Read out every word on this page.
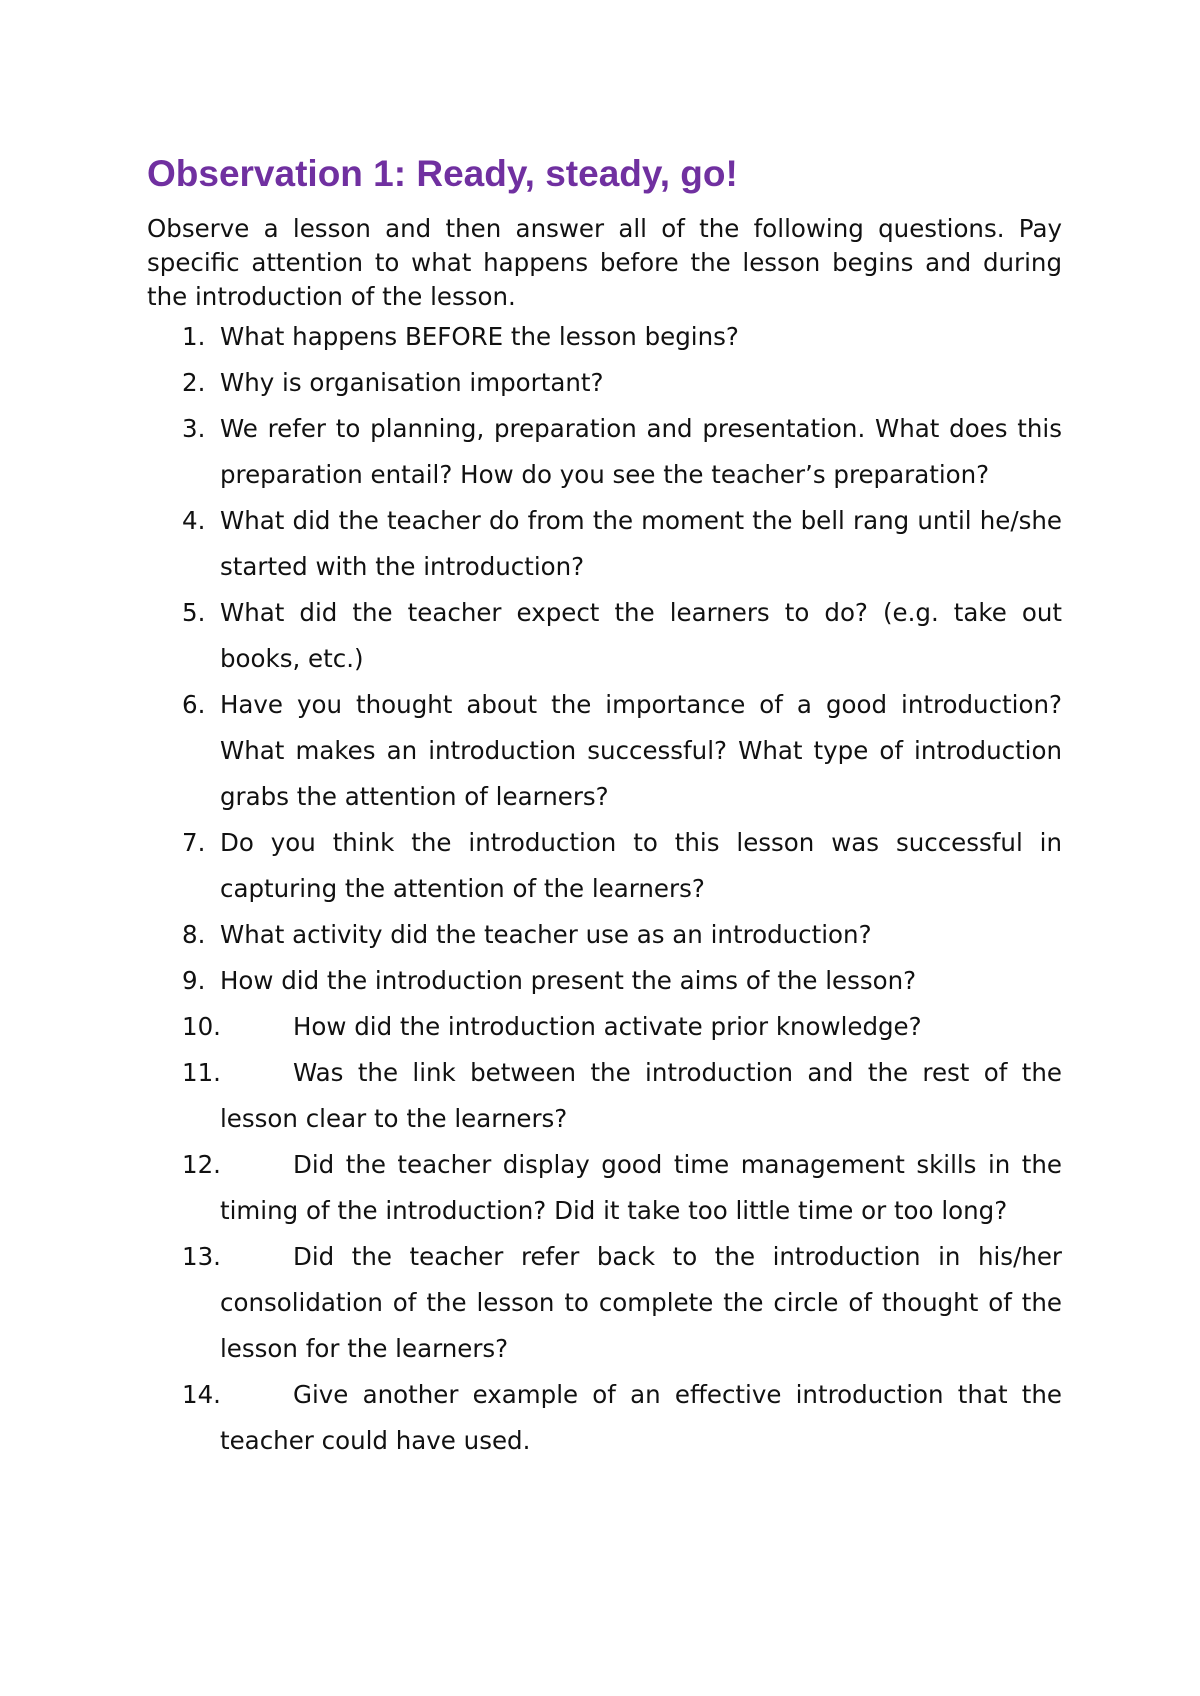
Observation 1: Ready, steady, go!

Observe a lesson and then answer all of the following questions. Pay specific attention to what happens before the lesson begins and during the introduction of the lesson.

1. What happens BEFORE the lesson begins?
2. Why is organisation important?
3. We refer to planning, preparation and presentation. What does this preparation entail? How do you see the teacher’s preparation?
4. What did the teacher do from the moment the bell rang until he/she started with the introduction?
5. What did the teacher expect the learners to do? (e.g. take out books, etc.)
6. Have you thought about the importance of a good introduction? What makes an introduction successful? What type of introduction grabs the attention of learners?
7. Do you think the introduction to this lesson was successful in capturing the attention of the learners?
8. What activity did the teacher use as an introduction?
9. How did the introduction present the aims of the lesson?
10.	How did the introduction activate prior knowledge?
11.	Was the link between the introduction and the rest of the lesson clear to the learners?
12.	Did the teacher display good time management skills in the timing of the introduction? Did it take too little time or too long?
13.	Did the teacher refer back to the introduction in his/her consolidation of the lesson to complete the circle of thought of the lesson for the learners?
14.	Give another example of an effective introduction that the teacher could have used.
